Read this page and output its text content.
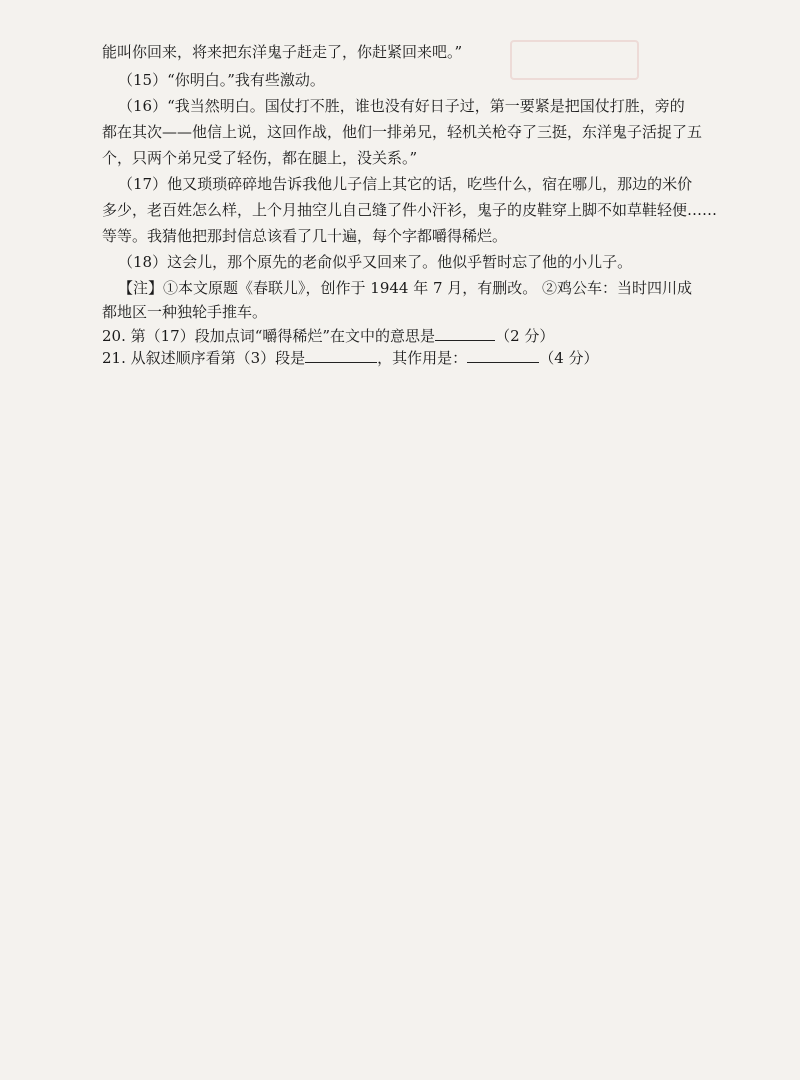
能叫你回来，将来把东洋鬼子赶走了，你赶紧回来吧。”
（15）“你明白。”我有些激动。
（16）“我当然明白。国仗打不胜，谁也没有好日子过，第一要紧是把国仗打胜，旁的
都在其次——他信上说，这回作战，他们一排弟兄，轻机关枪夺了三挺，东洋鬼子活捉了五
个，只两个弟兄受了轻伤，都在腿上，没关系。”
（17）他又琐琐碎碎地告诉我他儿子信上其它的话，吃些什么，宿在哪儿，那边的米价
多少，老百姓怎么样，上个月抽空儿自己缝了件小汗衫，鬼子的皮鞋穿上脚不如草鞋轻便……
等等。我猜他把那封信总该看了几十遍，每个字都嚼得稀烂。
（18）这会儿，那个原先的老俞似乎又回来了。他似乎暂时忘了他的小儿子。
【注】①本文原题《春联儿》，创作于 1944 年 7 月，有删改。 ②鸡公车：当时四川成
都地区一种独轮手推车。
20. 第（17）段加点词“嚼得稀烂”在文中的意思是	（2 分）
21. 从叙述顺序看第（3）段是	，其作用是：	（4 分）
